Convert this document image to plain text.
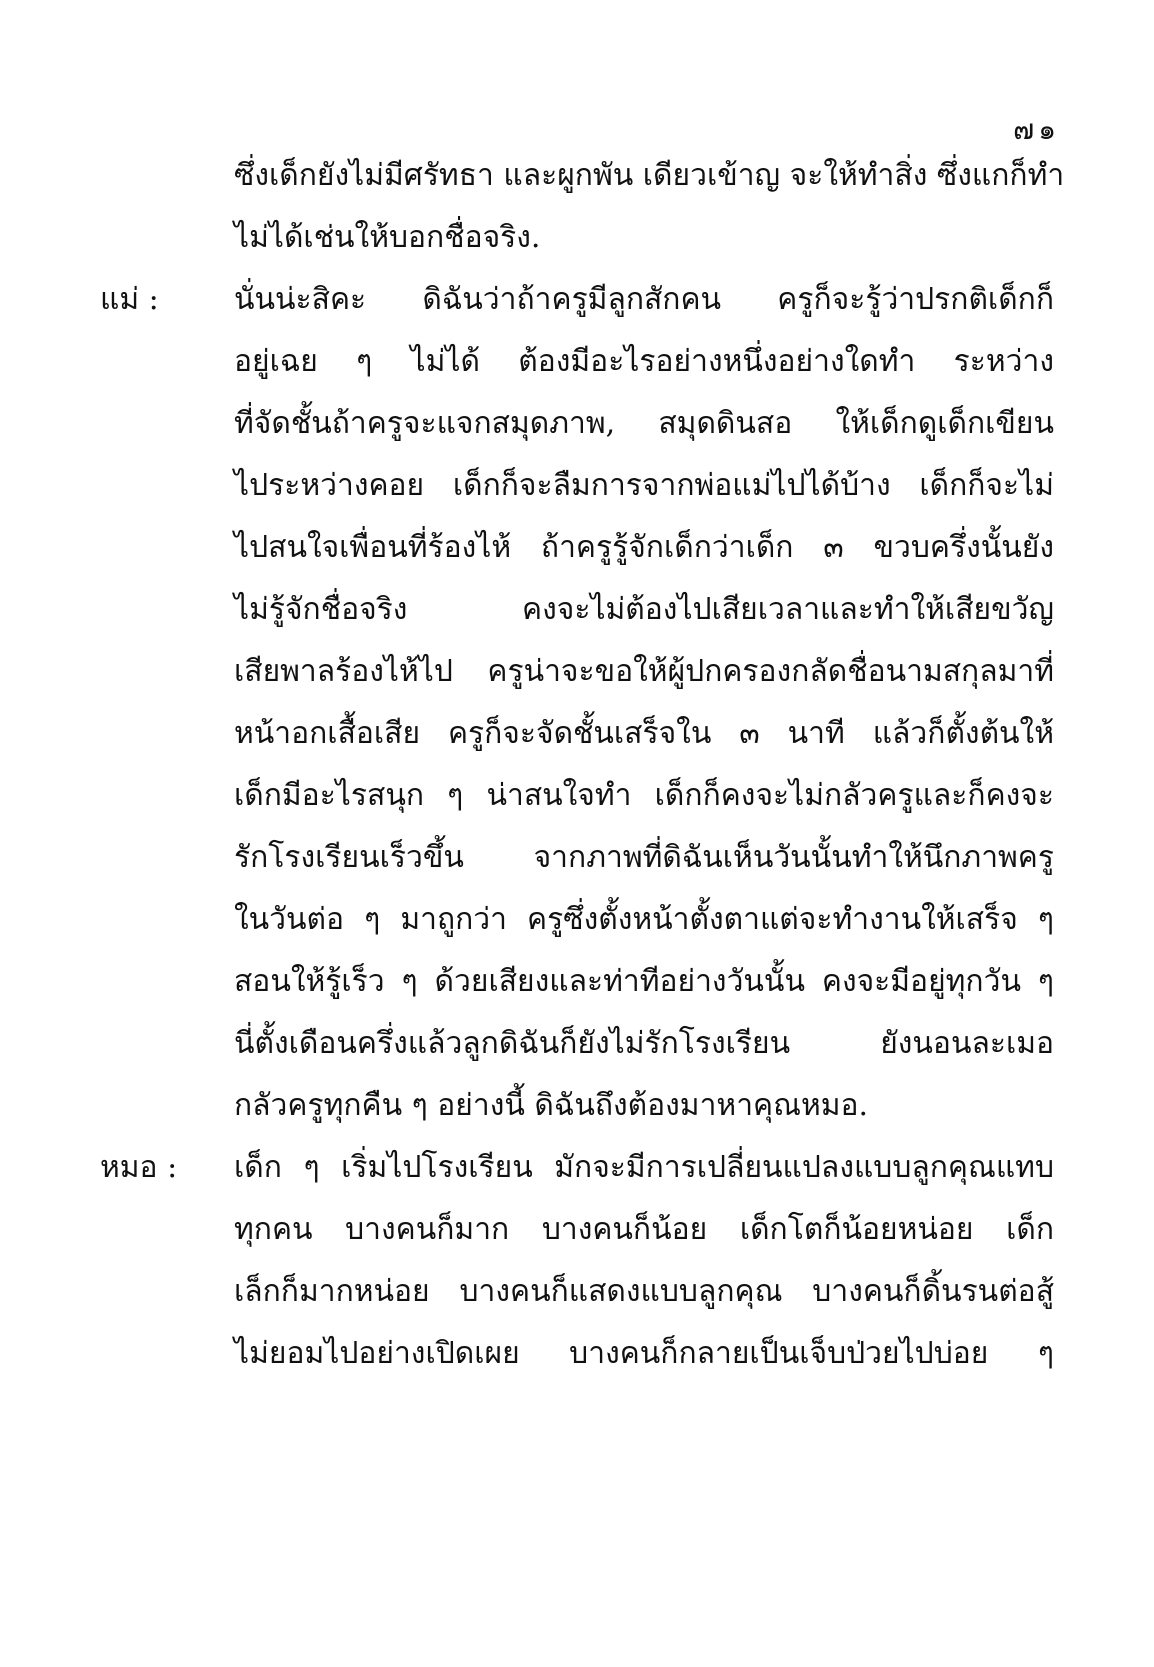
๗๑
ซึ่งเด็กยังไม่มีศรัทธา และผูกพัน เดียวเข้าญ จะให้ทำสิ่ง ซึ่งแกก็ทำ
ไม่ได้เช่นให้บอกชื่อจริง.
แม่ :	นั่นน่ะสิคะ ดิฉันว่าถ้าครูมีลูกสักคน ครูก็จะรู้ว่าปรกติเด็กก็
อยู่เฉย ๆ ไม่ได้ ต้องมีอะไรอย่างหนึ่งอย่างใดทำ ระหว่าง
ที่จัดชั้นถ้าครูจะแจกสมุดภาพ, สมุดดินสอ ให้เด็กดูเด็กเขียน
ไประหว่างคอย เด็กก็จะลืมการจากพ่อแม่ไปได้บ้าง เด็กก็จะไม่
ไปสนใจเพื่อนที่ร้องไห้ ถ้าครูรู้จักเด็กว่าเด็ก ๓ ขวบครึ่งนั้นยัง
ไม่รู้จักชื่อจริง คงจะไม่ต้องไปเสียเวลาและทำให้เสียขวัญ
เสียพาลร้องไห้ไป ครูน่าจะขอให้ผู้ปกครองกลัดชื่อนามสกุลมาที่
หน้าอกเสื้อเสีย ครูก็จะจัดชั้นเสร็จใน ๓ นาที แล้วก็ตั้งต้นให้
เด็กมีอะไรสนุก ๆ น่าสนใจทำ เด็กก็คงจะไม่กลัวครูและก็คงจะ
รักโรงเรียนเร็วขึ้น จากภาพที่ดิฉันเห็นวันนั้นทำให้นึกภาพครู
ในวันต่อ ๆ มาถูกว่า ครูซึ่งตั้งหน้าตั้งตาแต่จะทำงานให้เสร็จ ๆ
สอนให้รู้เร็ว ๆ ด้วยเสียงและท่าทีอย่างวันนั้น คงจะมีอยู่ทุกวัน ๆ
นี่ตั้งเดือนครึ่งแล้วลูกดิฉันก็ยังไม่รักโรงเรียน ยังนอนละเมอ
กลัวครูทุกคืน ๆ อย่างนี้ ดิฉันถึงต้องมาหาคุณหมอ.
หมอ :	เด็ก ๆ เริ่มไปโรงเรียน มักจะมีการเปลี่ยนแปลงแบบลูกคุณแทบ
ทุกคน บางคนก็มาก บางคนก็น้อย เด็กโตก็น้อยหน่อย เด็ก
เล็กก็มากหน่อย บางคนก็แสดงแบบลูกคุณ บางคนก็ดิ้นรนต่อสู้
ไม่ยอมไปอย่างเปิดเผย บางคนก็กลายเป็นเจ็บป่วยไปบ่อย ๆ
